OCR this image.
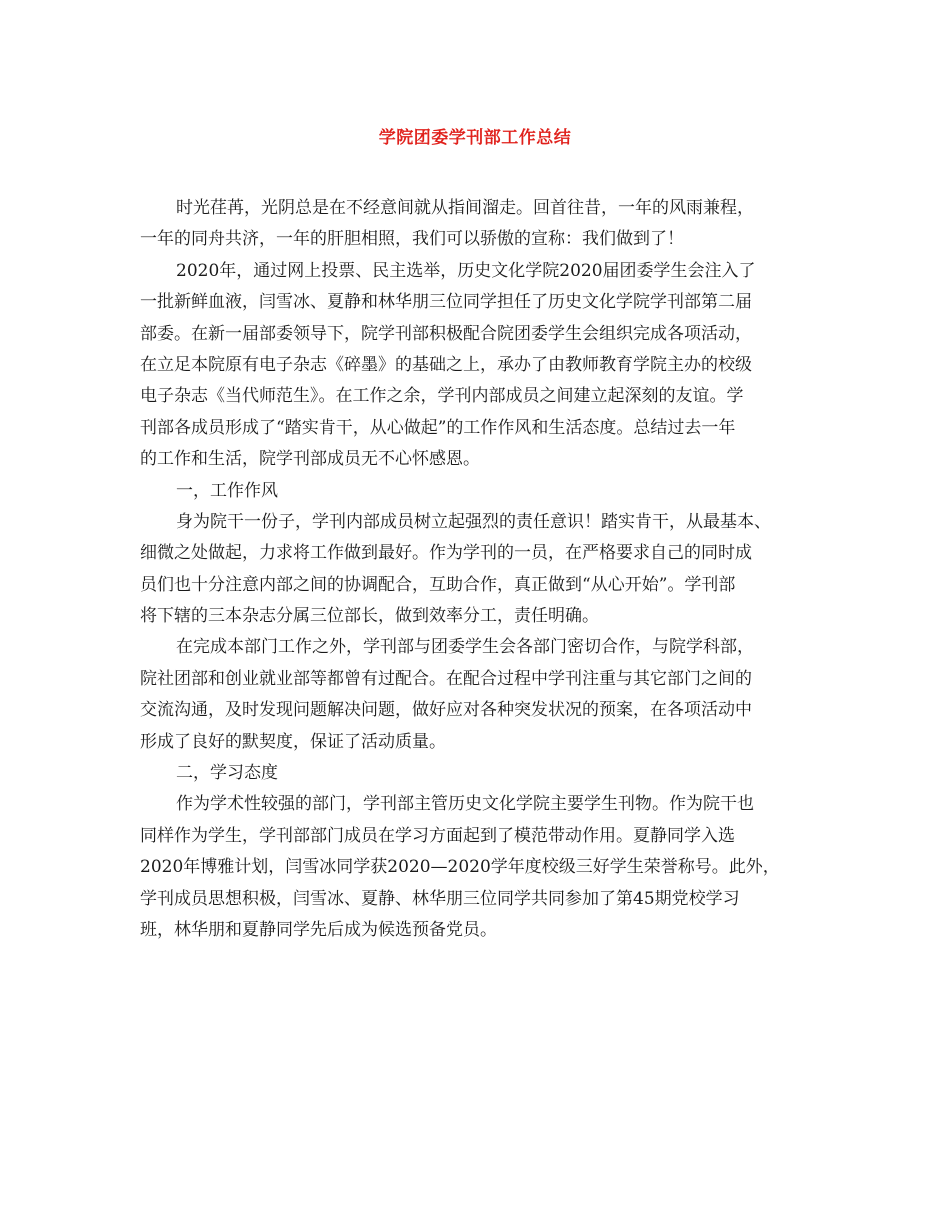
学院团委学刊部工作总结
时光荏苒，光阴总是在不经意间就从指间溜走。回首往昔，一年的风雨兼程，
一年的同舟共济，一年的肝胆相照，我们可以骄傲的宣称：我们做到了！
2020年，通过网上投票、民主选举，历史文化学院2020届团委学生会注入了
一批新鲜血液，闫雪冰、夏静和林华朋三位同学担任了历史文化学院学刊部第二届
部委。在新一届部委领导下，院学刊部积极配合院团委学生会组织完成各项活动，
在立足本院原有电子杂志《碎墨》的基础之上，承办了由教师教育学院主办的校级
电子杂志《当代师范生》。在工作之余，学刊内部成员之间建立起深刻的友谊。学
刊部各成员形成了“踏实肯干，从心做起”的工作作风和生活态度。总结过去一年
的工作和生活，院学刊部成员无不心怀感恩。
一，工作作风
身为院干一份子，学刊内部成员树立起强烈的责任意识！踏实肯干，从最基本、
细微之处做起，力求将工作做到最好。作为学刊的一员，在严格要求自己的同时成
员们也十分注意内部之间的协调配合，互助合作，真正做到“从心开始”。学刊部
将下辖的三本杂志分属三位部长，做到效率分工，责任明确。
在完成本部门工作之外，学刊部与团委学生会各部门密切合作，与院学科部，
院社团部和创业就业部等都曾有过配合。在配合过程中学刊注重与其它部门之间的
交流沟通，及时发现问题解决问题，做好应对各种突发状况的预案，在各项活动中
形成了良好的默契度，保证了活动质量。
二，学习态度
作为学术性较强的部门，学刊部主管历史文化学院主要学生刊物。作为院干也
同样作为学生，学刊部部门成员在学习方面起到了模范带动作用。夏静同学入选
2020年博雅计划，闫雪冰同学获2020—2020学年度校级三好学生荣誉称号。此外，
学刊成员思想积极，闫雪冰、夏静、林华朋三位同学共同参加了第45期党校学习
班，林华朋和夏静同学先后成为候选预备党员。
